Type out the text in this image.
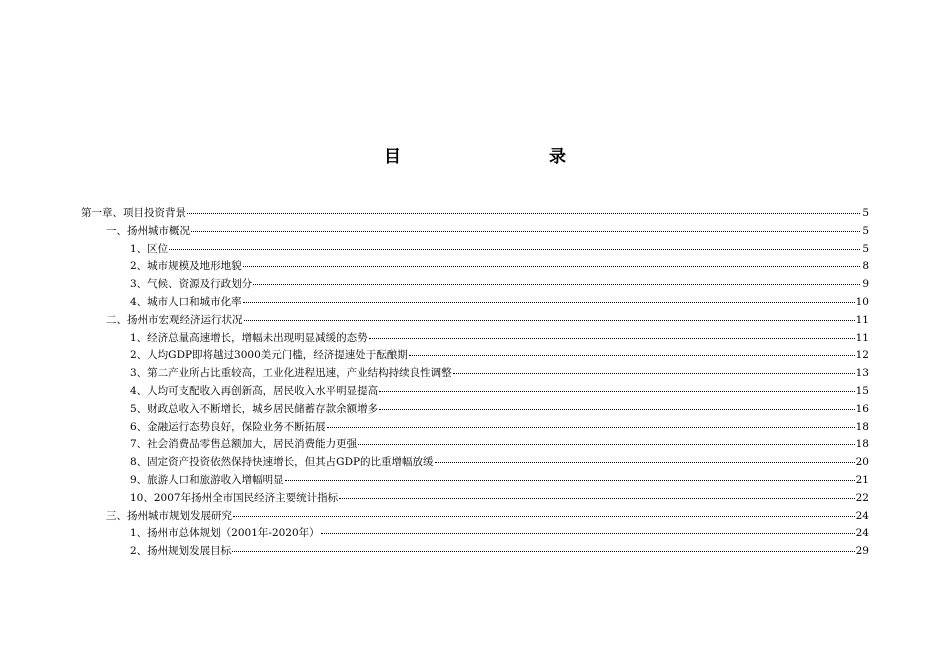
目　　录
第一章、项目投资背景	5
一、扬州城市概况	5
1、区位	5
2、城市规模及地形地貌	8
3、气候、资源及行政划分	9
4、城市人口和城市化率	10
二、扬州市宏观经济运行状况	11
1、经济总量高速增长，增幅未出现明显减缓的态势	11
2、人均GDP即将越过3000美元门槛，经济提速处于酝酿期	12
3、第二产业所占比重较高，工业化进程迅速，产业结构持续良性调整	13
4、人均可支配收入再创新高，居民收入水平明显提高	15
5、财政总收入不断增长，城乡居民储蓄存款余额增多	16
6、金融运行态势良好，保险业务不断拓展	18
7、社会消费品零售总额加大，居民消费能力更强	18
8、固定资产投资依然保持快速增长，但其占GDP的比重增幅放缓	20
9、旅游人口和旅游收入增幅明显	21
10、2007年扬州全市国民经济主要统计指标	22
三、扬州城市规划发展研究	24
1、扬州市总体规划（2001年-2020年）	24
2、扬州规划发展目标	29
